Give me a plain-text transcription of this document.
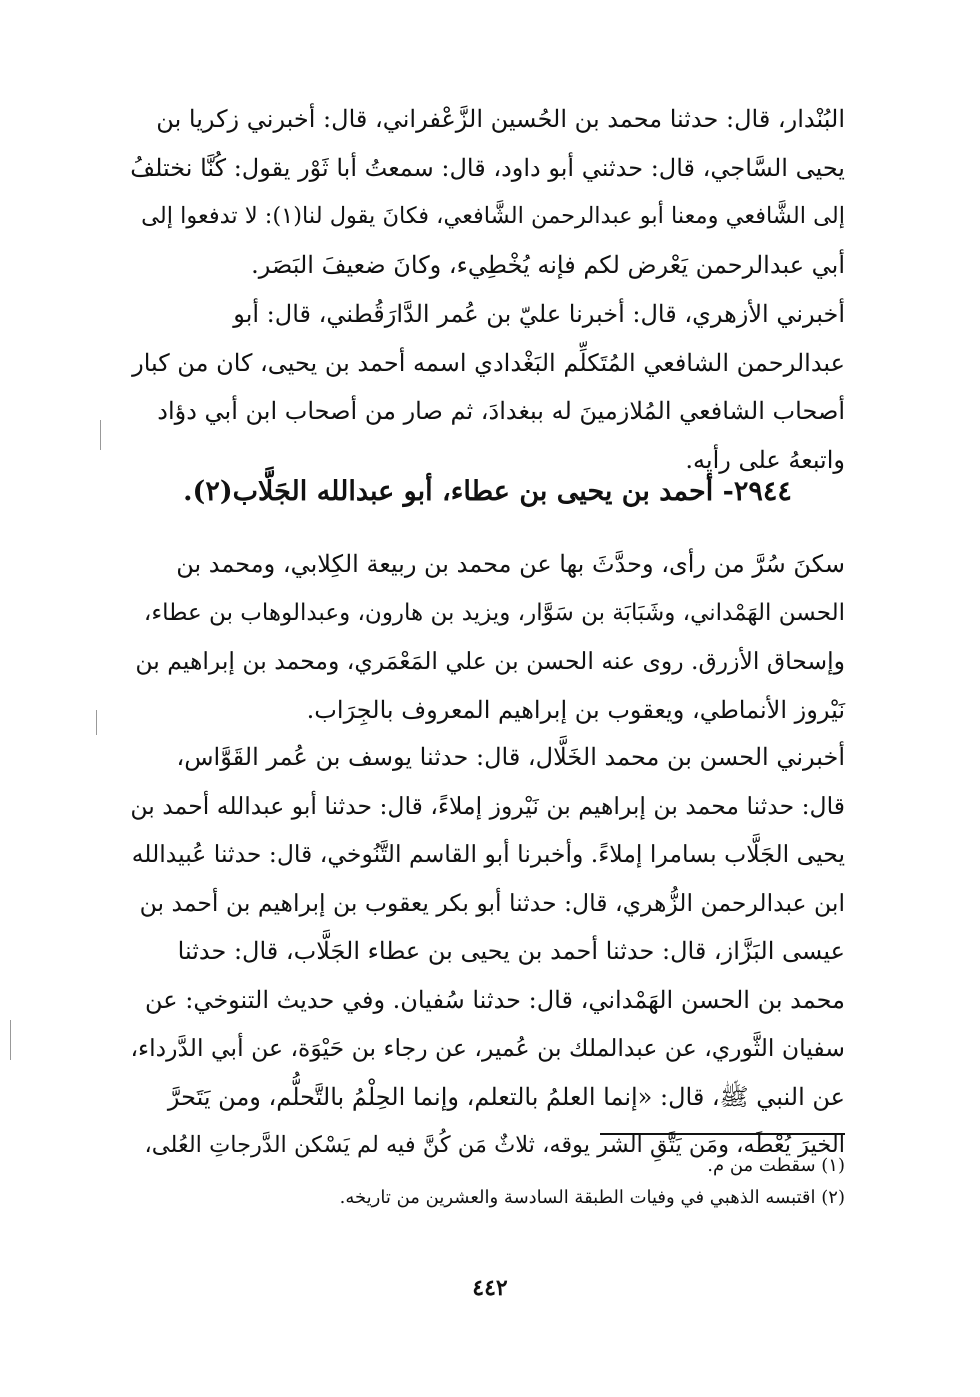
البُنْدار، قال: حدثنا محمد بن الحُسين الزَّعْفراني، قال: أخبرني زكريا بن
يحيى السَّاجي، قال: حدثني أبو داود، قال: سمعتُ أبا ثَوْر يقول: كُنَّا نختلفُ
إلى الشَّافعي ومعنا أبو عبدالرحمن الشَّافعي، فكانَ يقول لنا(١): لا تدفعوا إلى
أبي عبدالرحمن يَعْرض لكم فإنه يُخْطِيء، وكانَ ضعيفَ البَصَر.
أخبرني الأزهري، قال: أخبرنا عليّ بن عُمر الدَّارَقُطني، قال: أبو
عبدالرحمن الشافعي المُتَكلِّم البَغْدادي اسمه أحمد بن يحيى، كان من كبار
أصحاب الشافعي المُلازمينَ له ببغدادَ، ثم صار من أصحاب ابن أبي دؤاد
واتبعهُ على رأيه.
٢٩٤٤- أحمد بن يحيى بن عطاء، أبو عبدالله الجَلَّاب(٢).
سكنَ سُرَّ من رأى، وحدَّثَ بها عن محمد بن ربيعة الكِلابي، ومحمد بن
الحسن الهَمْداني، وشَبَابَة بن سَوَّار، ويزيد بن هارون، وعبدالوهاب بن عطاء،
وإسحاق الأزرق. روى عنه الحسن بن علي المَعْمَري، ومحمد بن إبراهيم بن
نَيْروز الأنماطي، ويعقوب بن إبراهيم المعروف بالجِرَاب.
أخبرني الحسن بن محمد الخَلَّال، قال: حدثنا يوسف بن عُمر القَوَّاس،
قال: حدثنا محمد بن إبراهيم بن نَيْروز إملاءً، قال: حدثنا أبو عبدالله أحمد بن
يحيى الجَلَّاب بسامرا إملاءً. وأخبرنا أبو القاسم التَّنُوخي، قال: حدثنا عُبيدالله
ابن عبدالرحمن الزُّهري، قال: حدثنا أبو بكر يعقوب بن إبراهيم بن أحمد بن
عيسى البَزَّاز، قال: حدثنا أحمد بن يحيى بن عطاء الجَلَّاب، قال: حدثنا
محمد بن الحسن الهَمْداني، قال: حدثنا سُفيان. وفي حديث التنوخي: عن
سفيان الثَّوري، عن عبدالملك بن عُمير، عن رجاء بن حَيْوَة، عن أبي الدَّرداء،
عن النبي ﷺ، قال: «إنما العلمُ بالتعلم، وإنما الحِلْمُ بالتَّحلُّم، ومن يَتَحرَّ
الخيرَ يُعْطَه، ومَن يَتَّقِ الشر يوقه، ثلاثٌ مَن كُنَّ فيه لم يَسْكن الدَّرجاتِ العُلى،
(١) سقطت من م.
(٢) اقتبسه الذهبي في وفيات الطبقة السادسة والعشرين من تاريخه.
٤٤٢
